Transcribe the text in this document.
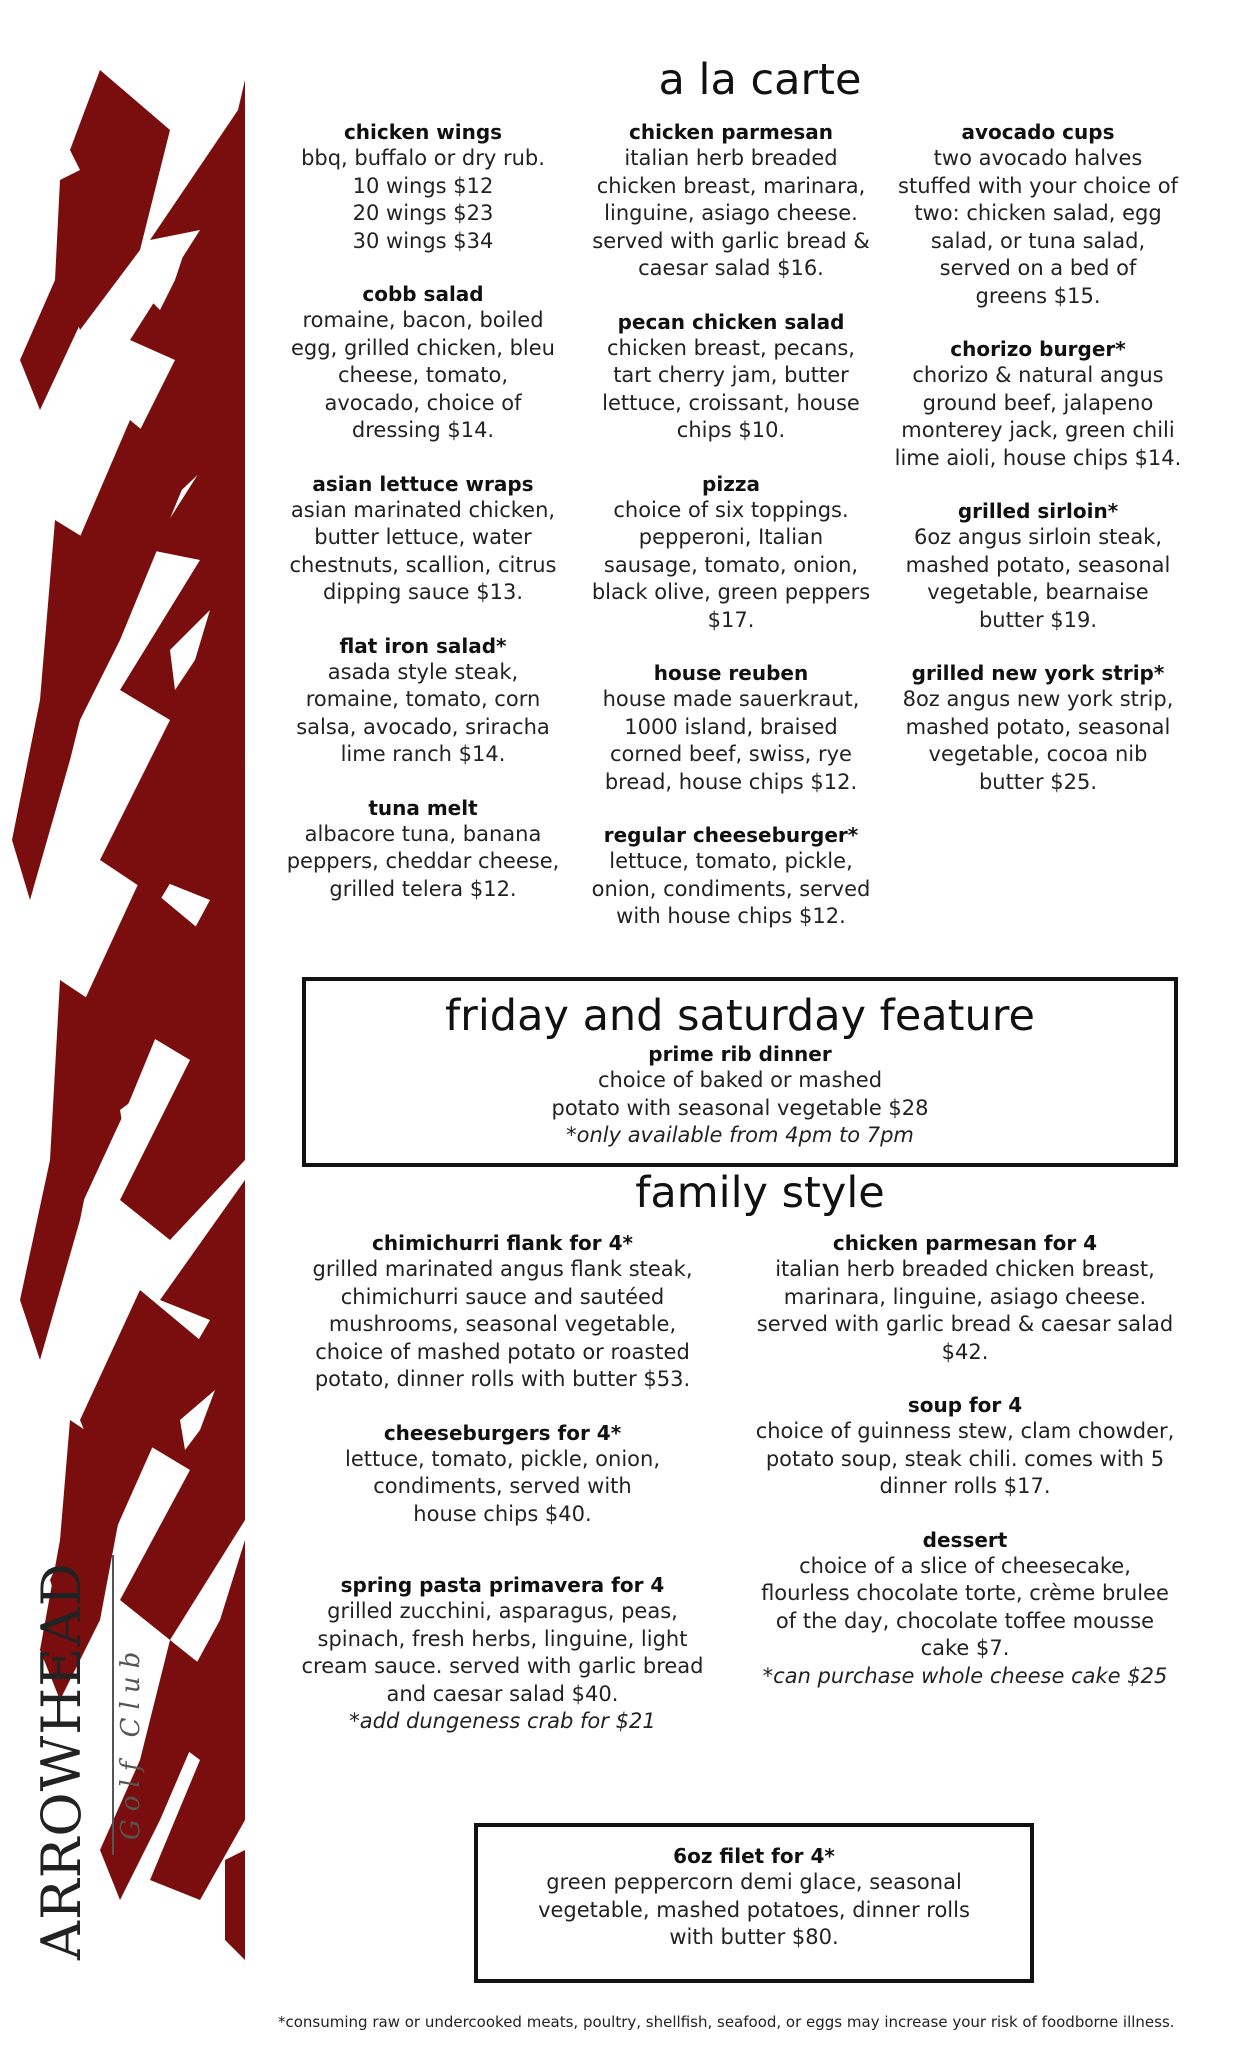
ARROWHEAD Golf Club
a la carte
chicken wings
bbq, buffalo or dry rub.
10 wings $12
20 wings $23
30 wings $34
cobb salad
romaine, bacon, boiled
egg, grilled chicken, bleu
cheese, tomato,
avocado, choice of
dressing $14.
asian lettuce wraps
asian marinated chicken,
butter lettuce, water
chestnuts, scallion, citrus
dipping sauce $13.
flat iron salad*
asada style steak,
romaine, tomato, corn
salsa, avocado, sriracha
lime ranch $14.
tuna melt
albacore tuna, banana
peppers, cheddar cheese,
grilled telera $12.
chicken parmesan
italian herb breaded
chicken breast, marinara,
linguine, asiago cheese.
served with garlic bread &
caesar salad $16.
pecan chicken salad
chicken breast, pecans,
tart cherry jam, butter
lettuce, croissant, house
chips $10.
pizza
choice of six toppings.
pepperoni, Italian
sausage, tomato, onion,
black olive, green peppers
$17.
house reuben
house made sauerkraut,
1000 island, braised
corned beef, swiss, rye
bread, house chips $12.
regular cheeseburger*
lettuce, tomato, pickle,
onion, condiments, served
with house chips $12.
avocado cups
two avocado halves
stuffed with your choice of
two: chicken salad, egg
salad, or tuna salad,
served on a bed of
greens $15.
chorizo burger*
chorizo & natural angus
ground beef, jalapeno
monterey jack, green chili
lime aioli, house chips $14.
grilled sirloin*
6oz angus sirloin steak,
mashed potato, seasonal
vegetable, bearnaise
butter $19.
grilled new york strip*
8oz angus new york strip,
mashed potato, seasonal
vegetable, cocoa nib
butter $25.
friday and saturday feature
prime rib dinner
choice of baked or mashed
potato with seasonal vegetable $28
*only available from 4pm to 7pm
family style
chimichurri flank for 4*
grilled marinated angus flank steak,
chimichurri sauce and sautéed
mushrooms, seasonal vegetable,
choice of mashed potato or roasted
potato, dinner rolls with butter $53.
cheeseburgers for 4*
lettuce, tomato, pickle, onion,
condiments, served with
house chips $40.
spring pasta primavera for 4
grilled zucchini, asparagus, peas,
spinach, fresh herbs, linguine, light
cream sauce. served with garlic bread
and caesar salad $40.
*add dungeness crab for $21
chicken parmesan for 4
italian herb breaded chicken breast,
marinara, linguine, asiago cheese.
served with garlic bread & caesar salad
$42.
soup for 4
choice of guinness stew, clam chowder,
potato soup, steak chili. comes with 5
dinner rolls $17.
dessert
choice of a slice of cheesecake,
flourless chocolate torte, crème brulee
of the day, chocolate toffee mousse
cake $7.
*can purchase whole cheese cake $25
6oz filet for 4*
green peppercorn demi glace, seasonal
vegetable, mashed potatoes, dinner rolls
with butter $80.
*consuming raw or undercooked meats, poultry, shellfish, seafood, or eggs may increase your risk of foodborne illness.
